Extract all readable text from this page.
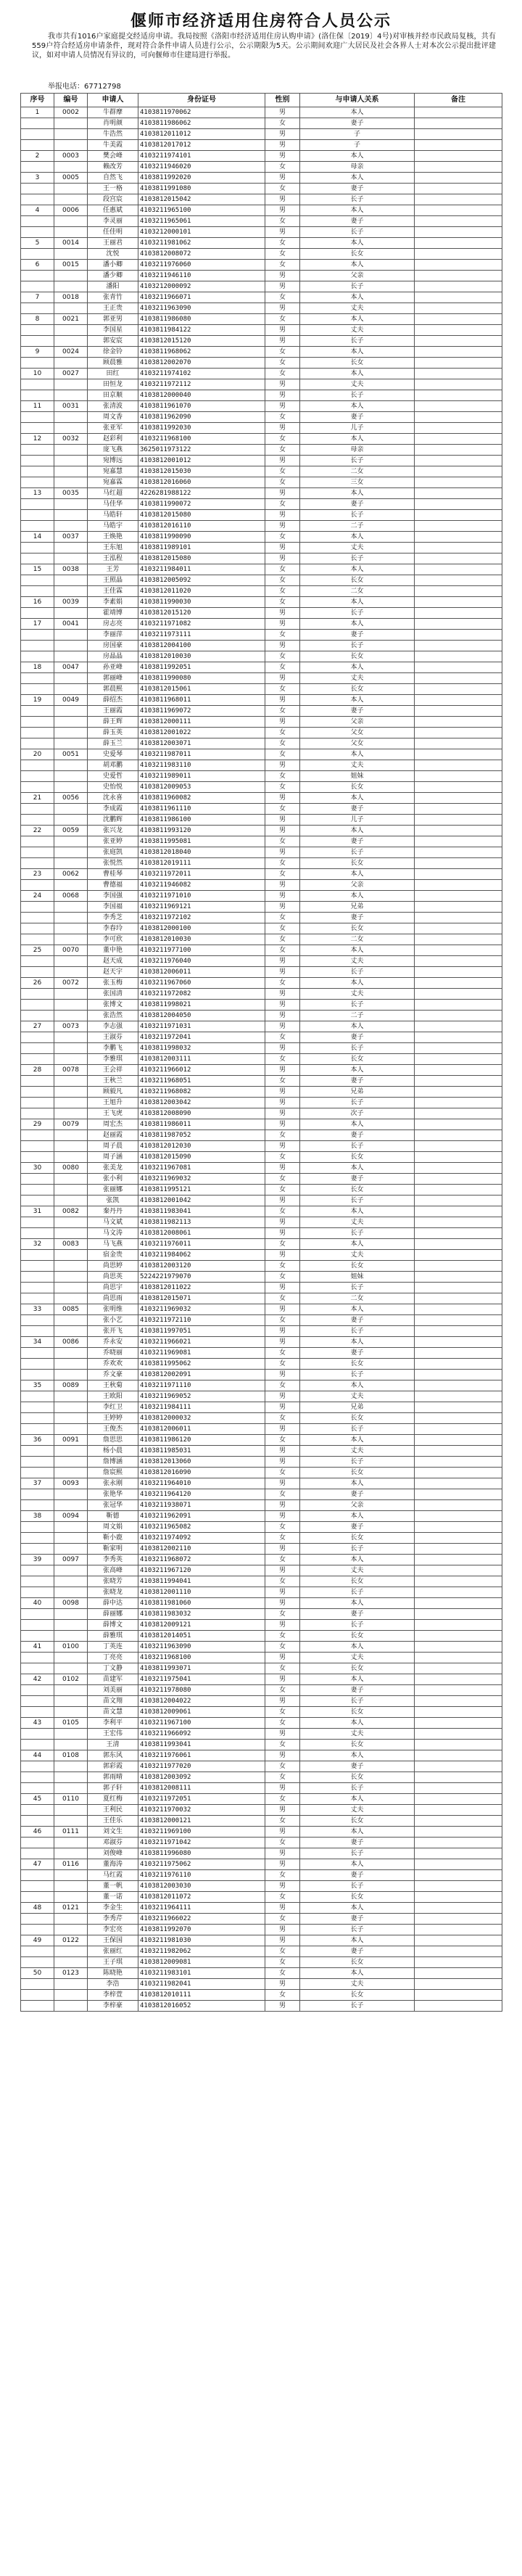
偃师市经济适用住房符合人员公示
我市共有1016户家庭提交经适房申请。我局按照《洛阳市经济适用住房认购申请》(洛住保〔2019〕4号)对审核并经市民政局复核，共有559户符合经适房申请条件，现对符合条件申请人员进行公示，公示期限为5天。公示期间欢迎广大居民及社会各界人士对本次公示提出批评建议，如对申请人员情况有异议的，可向偃师市住建局进行举报。
举报电话：67712798
序号	编号	申请人	身份证号	性别	与申请人关系	备注
1	0002	牛群摩	4103811970062	男	本人	
		肖明颜	4103811986062	女	妻子	
		牛浩然	4103812011012	男	子	
		牛美霞	4103812017012	男	子	
2	0003	樊会峰	4103211974101	男	本人	
		赖改芳	4103211946020	女	母亲	
3	0005	自然飞	4103811992020	男	本人	
		王一格	4103811991080	女	妻子	
		段宫宸	4103812015042	男	长子	
4	0006	任惠斌	4103211965100	男	本人	
		李灵丽	4103211965061	女	妻子	
		任佳明	4103212000101	男	长子	
5	0014	王丽君	4103211981062	女	本人	
		沈悦	4103812008072	女	长女	
6	0015	潘小卿	4103211976060	女	本人	
		潘少卿	4103211946110	男	父亲	
		潘阳	4103212000092	男	长子	
7	0018	张青竹	4103211966071	女	本人	
		王正贵	4103211963090	男	丈夫	
8	0021	郭亚男	4103811986080	女	本人	
		李国星	4103811984122	男	丈夫	
		郭安宸	4103812015120	男	长子	
9	0024	徐金铃	4103811968062	女	本人	
		顾晨雅	4103812002070	女	长女	
10	0027	田红	4103211974102	女	本人	
		田恒龙	4103211972112	男	丈夫	
		田京顺	4103812000040	男	长子	
11	0031	张清波	4103811961070	男	本人	
		周文香	4103811962090	女	妻子	
		张亚军	4103811992030	男	儿子	
12	0032	赵彩利	4103211968100	女	本人	
		庞飞燕	3625011973122	女	母亲	
		宛博远	4103812001012	男	长子	
		宛嘉慧	4103812015030	女	二女	
		宛嘉霖	4103812016060	女	三女	
13	0035	马红超	4226281988122	男	本人	
		马佳华	4103811990072	女	妻子	
		马皓轩	4103812015080	男	长子	
		马皓宇	4103812016110	男	二子	
14	0037	王焕艳	4103811990090	女	本人	
		王东旭	4103811989101	男	丈夫	
		王泓程	4103812015080	男	长子	
15	0038	王芳	4103211984011	女	本人	
		王照晶	4103812005092	女	长女	
		王佳霖	4103812011020	女	二女	
16	0039	李素娟	4103811990030	女	本人	
		霍靖博	4103812015120	男	长子	
17	0041	房志亮	4103211971082	男	本人	
		李丽萍	4103211973111	女	妻子	
		房国豪	4103812004100	男	长子	
		房晶晶	4103812010030	女	长女	
18	0047	孙亚峰	4103811992051	女	本人	
		郭丽峰	4103811990080	男	丈夫	
		郭晨熙	4103812015061	女	长女	
19	0049	薛绍杰	4103811968011	男	本人	
		王丽霞	4103811969072	女	妻子	
		薛王辉	4103812000111	男	父亲	
		薛玉英	4103812001022	女	父女	
		薛玉兰	4103812003071	女	父女	
20	0051	史爱琴	4103211987011	女	本人	
		胡邓鹏	4103211983110	男	丈夫	
		史爱哲	4103211989011	女	姐妹	
		史怡悦	4103812009053	女	长女	
21	0056	沈永喜	4103811960082	男	本人	
		李成霞	4103811961110	女	妻子	
		沈鹏辉	4103811986100	男	儿子	
22	0059	张兴龙	4103811993120	男	本人	
		张亚婷	4103811995081	女	妻子	
		张庭凯	4103812018040	男	长子	
		张悦然	4103812019111	女	长女	
23	0062	曹桂琴	4103211972011	女	本人	
		曹德福	4103211946082	男	父亲	
24	0068	李国强	4103211971010	男	本人	
		李国福	4103211969121	男	兄弟	
		李秀芝	4103211972102	女	妻子	
		李春玲	4103812000100	女	长女	
		李可欣	4103812010030	女	二女	
25	0070	董中艳	4103211977100	女	本人	
		赵天成	4103211976040	男	丈夫	
		赵天宇	4103812006011	男	长子	
26	0072	张玉梅	4103211967060	女	本人	
		张国清	4103211972082	男	丈夫	
		张博文	4103811998021	男	长子	
		张浩然	4103812004050	男	二子	
27	0073	李志强	4103211971031	男	本人	
		王淑芬	4103211972041	女	妻子	
		李鹏飞	4103811998032	男	长子	
		李雅琪	4103812003111	女	长女	
28	0078	王会祥	4103211966012	男	本人	
		王秋兰	4103211968051	女	妻子	
		顾毅凡	4103211968082	男	兄弟	
		王旭升	4103812003042	男	长子	
		王飞虎	4103812008090	男	次子	
29	0079	周宏杰	4103811986011	男	本人	
		赵丽霞	4103811987052	女	妻子	
		周子晨	4103812012030	男	长子	
		周子涵	4103812015090	女	长女	
30	0080	张美龙	4103211967081	男	本人	
		张小利	4103211969032	女	妻子	
		张丽娜	4103811995121	女	长女	
		张凯	4103812001042	男	长子	
31	0082	秦丹丹	4103811983041	女	本人	
		马文斌	4103811982113	男	丈夫	
		马文涛	4103812008061	男	长子	
32	0083	马飞燕	4103211976011	女	本人	
		宿金贵	4103211984062	男	丈夫	
		尚思婷	4103812003120	女	长女	
		尚思英	5224221979070	女	姐妹	
		尚思宇	4103812011022	男	长子	
		尚思雨	4103812015071	女	二女	
33	0085	张明维	4103211969032	男	本人	
		张小艺	4103211972110	女	妻子	
		张开飞	4103811997051	男	长子	
34	0086	乔永安	4103211966021	男	本人	
		乔晓丽	4103211969081	女	妻子	
		乔欢欢	4103811995062	女	长女	
		乔文豪	4103812002091	男	长子	
35	0089	王秋菊	4103211971110	女	本人	
		王欧阳	4103211969052	男	丈夫	
		李红卫	4103211984111	男	兄弟	
		王婷婷	4103812000032	女	长女	
		王俊杰	4103812006011	男	长子	
36	0091	詹思思	4103811986120	女	本人	
		杨小晨	4103811985031	男	丈夫	
		詹博涵	4103812013060	男	长子	
		詹宸熙	4103812016090	女	长女	
37	0093	张永刚	4103211964010	男	本人	
		张艳华	4103211964120	女	妻子	
		张冠华	4103211938071	男	父亲	
38	0094	靳德	4103211962091	男	本人	
		周文娟	4103211965082	女	妻子	
		靳小鹿	4103211974092	女	长女	
		靳家明	4103812002110	男	长子	
39	0097	李秀英	4103211968072	女	本人	
		张高峰	4103211967120	男	丈夫	
		张晓芳	4103811994041	女	长女	
		张晓龙	4103812001110	男	长子	
40	0098	薛中达	4103811981060	男	本人	
		薛丽娜	4103811983032	女	妻子	
		薛博文	4103812009121	男	长子	
		薛雅琪	4103812014051	女	长女	
41	0100	丁英连	4103211963090	女	本人	
		丁亮亮	4103211968100	男	丈夫	
		丁文静	4103811993071	女	长女	
42	0102	苗建军	4103211975041	男	本人	
		刘美丽	4103211978080	女	妻子	
		苗文翔	4103812004022	男	长子	
		苗文慧	4103812009061	女	长女	
43	0105	李利平	4103211967100	女	本人	
		王宏伟	4103211966092	男	丈夫	
		王清	4103811993041	女	长女	
44	0108	郭东风	4103211976061	男	本人	
		郭彩霞	4103211977020	女	妻子	
		郭雨晴	4103812003092	女	长女	
		郭子轩	4103812008111	男	长子	
45	0110	夏红梅	4103211972051	女	本人	
		王利民	4103211970032	男	丈夫	
		王佳乐	4103812000121	女	长女	
46	0111	刘文生	4103211969100	男	本人	
		邓淑芬	4103211971042	女	妻子	
		刘俊峰	4103811996080	男	长子	
47	0116	董海涛	4103211975062	男	本人	
		马红霞	4103211976110	女	妻子	
		董一帆	4103812003030	男	长子	
		董一诺	4103812011072	女	长女	
48	0121	李金生	4103211964111	男	本人	
		李秀芹	4103211966022	女	妻子	
		李宏亮	4103811992070	男	长子	
49	0122	王保国	4103211981030	男	本人	
		张丽红	4103211982062	女	妻子	
		王子琪	4103812009081	女	长女	
50	0123	陈晓艳	4103211983101	女	本人	
		李浩	4103211982041	男	丈夫	
		李梓萱	4103812010111	女	长女	
		李梓豪	4103812016052	男	长子	
